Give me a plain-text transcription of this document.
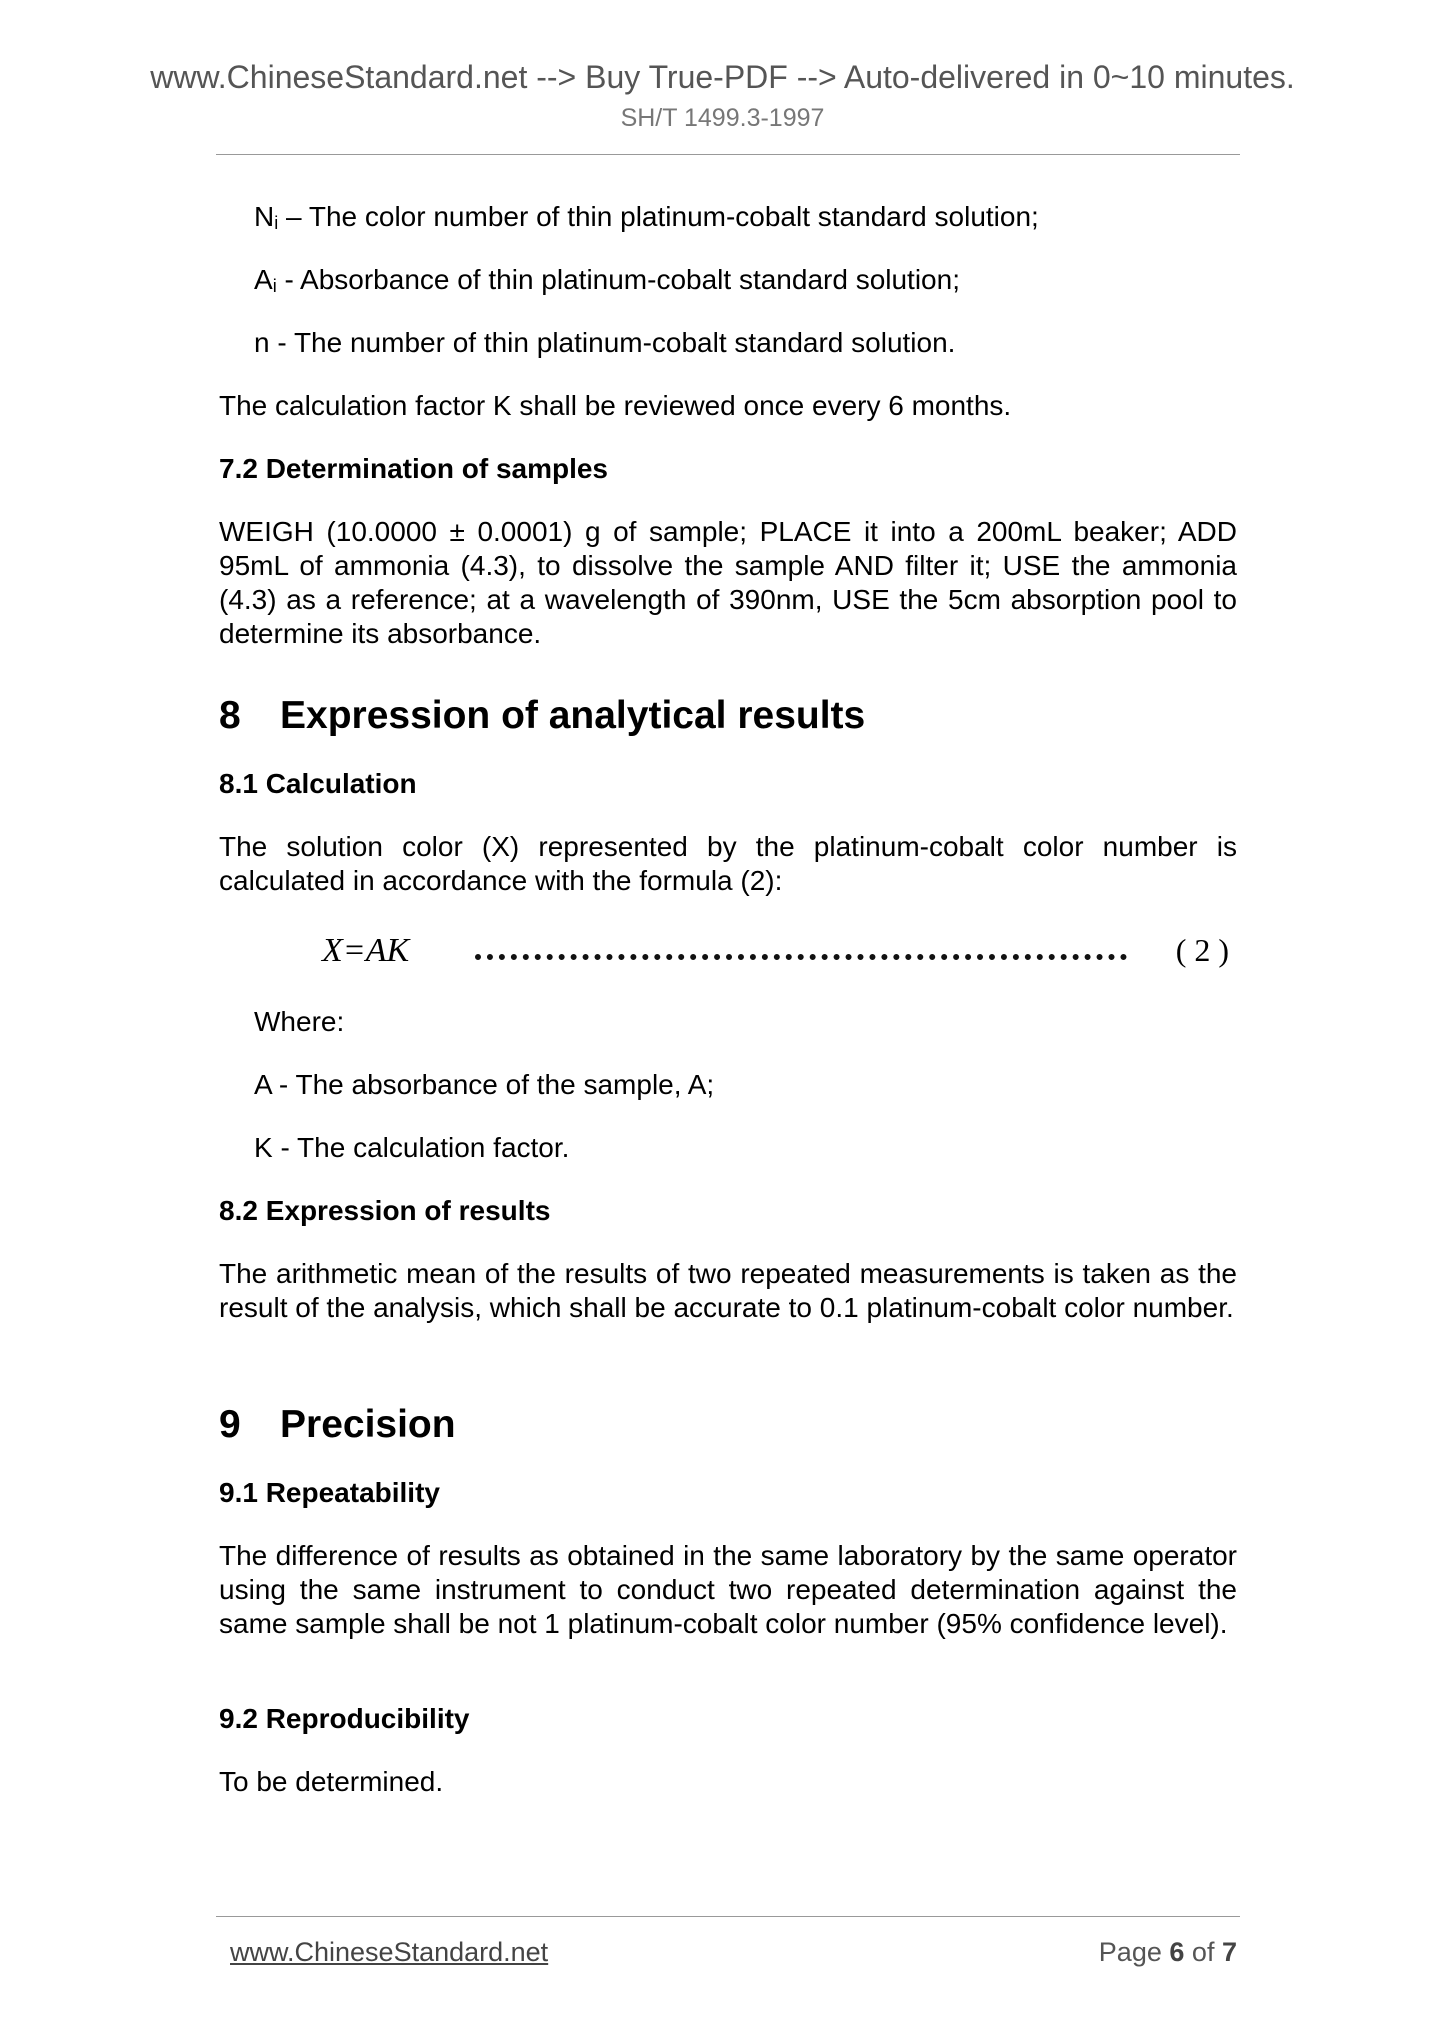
www.ChineseStandard.net --> Buy True-PDF --> Auto-delivered in 0~10 minutes.
SH/T 1499.3-1997
Ni – The color number of thin platinum-cobalt standard solution;
Ai - Absorbance of thin platinum-cobalt standard solution;
n - The number of thin platinum-cobalt standard solution.
The calculation factor K shall be reviewed once every 6 months.
7.2 Determination of samples
WEIGH (10.0000 ± 0.0001) g of sample; PLACE it into a 200mL beaker; ADD 95mL of ammonia (4.3), to dissolve the sample AND filter it; USE the ammonia (4.3) as a reference; at a wavelength of 390nm, USE the 5cm absorption pool to determine its absorbance.
8 Expression of analytical results
8.1 Calculation
The solution color (X) represented by the platinum-cobalt color number is calculated in accordance with the formula (2):
X=AK	(2)
Where:
A - The absorbance of the sample, A;
K - The calculation factor.
8.2 Expression of results
The arithmetic mean of the results of two repeated measurements is taken as the result of the analysis, which shall be accurate to 0.1 platinum-cobalt color number.
9 Precision
9.1 Repeatability
The difference of results as obtained in the same laboratory by the same operator using the same instrument to conduct two repeated determination against the same sample shall be not 1 platinum-cobalt color number (95% confidence level).
9.2 Reproducibility
To be determined.
www.ChineseStandard.net	Page 6 of 7
